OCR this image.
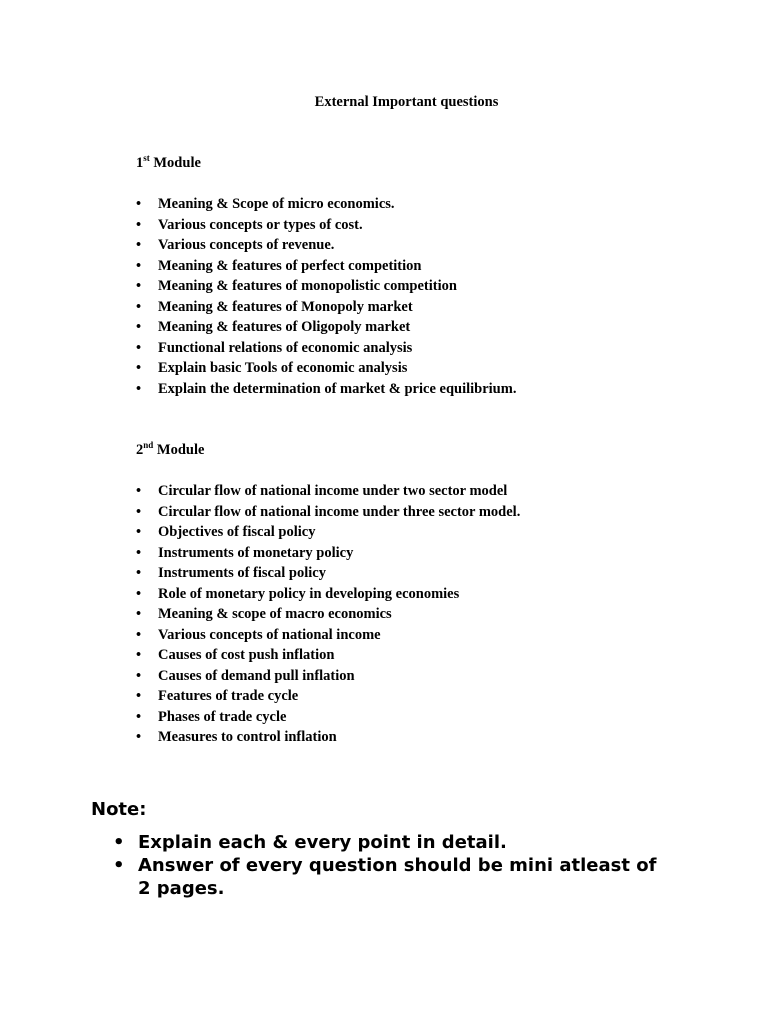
External Important questions
1st Module
•	Meaning & Scope of micro economics.
•	Various concepts or types of cost.
•	Various concepts of revenue.
•	Meaning & features of perfect competition
•	Meaning & features of monopolistic competition
•	Meaning & features of Monopoly market
•	Meaning & features of Oligopoly market
•	Functional relations of economic analysis
•	Explain basic Tools of economic analysis
•	Explain the determination of market & price equilibrium.
2nd Module
•	Circular flow of national income under two sector model
•	Circular flow of national income under three sector model.
•	Objectives of fiscal policy
•	Instruments of monetary policy
•	Instruments of fiscal policy
•	Role of monetary policy in developing economies
•	Meaning & scope of macro economics
•	Various concepts of national income
•	Causes of cost push inflation
•	Causes of demand pull inflation
•	Features of trade cycle
•	Phases of trade cycle
•	Measures to control inflation
Note:
• Explain each & every point in detail.
• Answer of every question should be mini atleast of 2 pages.
